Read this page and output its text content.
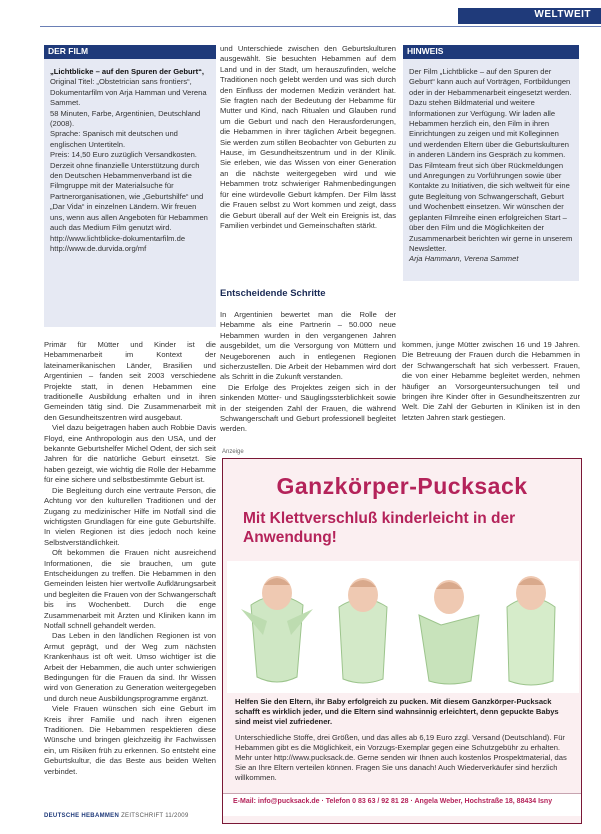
WELTWEIT
DER FILM

„Lichtblicke – auf den Spuren der Geburt“,

Original Titel: „Obstetrician sans frontiers“,

Dokumentarfilm von Arja Hamman und Verena Sammet.

58 Minuten, Farbe, Argentinien, Deutschland (2008).

Sprache: Spanisch mit deutschen und englischen Untertiteln.

Preis: 14,50 Euro zuzüglich Versandkosten.

Derzeit ohne finanzielle Unterstützung durch den Deutschen Hebammenverband ist die Filmgruppe mit der Materialsuche für Partnerorganisationen, wie „Geburtshilfe“ und „Dar Vida“ in einzelnen Ländern. Wir freuen uns, wenn aus allen Angeboten für Hebammen auch das Medium Film genutzt wird.

http://www.lichtblicke-dokumentarfilm.de

http://www.de.durvida.org/mf

und Unterschiede zwischen den Geburtskulturen ausgewählt. Sie besuchten Hebammen auf dem Land und in der Stadt, um herauszufinden, welche Traditionen noch gelebt werden und was sich durch den Einfluss der modernen Medizin verändert hat. Sie fragten nach der Bedeutung der Hebamme für Mutter und Kind, nach Ritualen und Glauben rund um die Geburt und nach den Herausforderungen, die Hebammen in ihrer täglichen Arbeit begegnen. Sie werden zum stillen Beobachter von Geburten zu Hause, im Gesundheitszentrum und in der Klinik. Sie erleben, wie das Wissen von einer Generation an die nächste weitergegeben wird und wie Hebammen trotz schwieriger Rahmenbedingungen für eine würdevolle Geburt kämpfen. Der Film lässt die Frauen selbst zu Wort kommen und zeigt, dass die Geburt überall auf der Welt ein Ereignis ist, das Familien verbindet und Gemeinschaften stärkt.

HINWEIS

Der Film „Lichtblicke – auf den Spuren der Geburt“ kann auch auf Vorträgen, Fortbildungen oder in der Hebammenarbeit eingesetzt werden. Dazu stehen Bildmaterial und weitere Informationen zur Verfügung. Wir laden alle Hebammen herzlich ein, den Film in ihren Einrichtungen zu zeigen und mit Kolleginnen und werdenden Eltern über die Geburtskulturen in anderen Ländern ins Gespräch zu kommen. Das Filmteam freut sich über Rückmeldungen und Anregungen zu Vorführungen sowie über Kontakte zu Initiativen, die sich weltweit für eine gute Begleitung von Schwangerschaft, Geburt und Wochenbett einsetzen. Wir wünschen der geplanten Filmreihe einen erfolgreichen Start – über den Film und die Möglichkeiten der Zusammenarbeit berichten wir gerne in unserem Newsletter.

Arja Hammann, Verena Sammet

Entscheidende Schritte

In Argentinien bewertet man die Rolle der Hebamme als eine Partnerin – 50.000 neue Hebammen wurden in den vergangenen Jahren ausgebildet, um die Versorgung von Müttern und Neugeborenen auch in entlegenen Regionen sicherzustellen. Die Arbeit der Hebammen wird dort als Schritt in die Zukunft verstanden.

Die Erfolge des Projektes zeigen sich in der sinkenden Mütter- und Säuglingssterblichkeit sowie in der steigenden Zahl der Frauen, die während Schwangerschaft und Geburt professionell begleitet werden.

Primär für Mütter und Kinder ist die Hebammenarbeit im Kontext der lateinamerikanischen Länder, Brasilien und Argentinien – fanden seit 2003 verschiedene Projekte statt, in denen Hebammen eine traditionelle Ausbildung erhalten und in ihren Gemeinden tätig sind. Die Zusammenarbeit mit den Gesundheitszentren wird ausgebaut.

Viel dazu beigetragen haben auch Robbie Davis Floyd, eine Anthropologin aus den USA, und der bekannte Geburtshelfer Michel Odent, der sich seit Jahren für die natürliche Geburt einsetzt. Sie haben gezeigt, wie wichtig die Rolle der Hebamme für eine sichere und selbstbestimmte Geburt ist.

Die Begleitung durch eine vertraute Person, die Achtung vor den kulturellen Traditionen und der Zugang zu medizinischer Hilfe im Notfall sind die wichtigsten Grundlagen für eine gute Geburtshilfe. In vielen Regionen ist dies jedoch noch keine Selbstverständlichkeit.

Oft bekommen die Frauen nicht ausreichend Informationen, die sie brauchen, um gute Entscheidungen zu treffen. Die Hebammen in den Gemeinden leisten hier wertvolle Aufklärungsarbeit und begleiten die Frauen von der Schwangerschaft bis ins Wochenbett. Durch die enge Zusammenarbeit mit Ärzten und Kliniken kann im Notfall schnell gehandelt werden.

Das Leben in den ländlichen Regionen ist von Armut geprägt, und der Weg zum nächsten Krankenhaus ist oft weit. Umso wichtiger ist die Arbeit der Hebammen, die auch unter schwierigen Bedingungen für die Frauen da sind. Ihr Wissen wird von Generation zu Generation weitergegeben und durch neue Ausbildungsprogramme ergänzt.

Viele Frauen wünschen sich eine Geburt im Kreis ihrer Familie und nach ihren eigenen Traditionen. Die Hebammen respektieren diese Wünsche und bringen gleichzeitig ihr Fachwissen ein, um Risiken früh zu erkennen. So entsteht eine Geburtskultur, die das Beste aus beiden Welten verbindet.

kommen, junge Mütter zwischen 16 und 19 Jahren. Die Betreuung der Frauen durch die Hebammen in der Schwangerschaft hat sich verbessert. Frauen, die von einer Hebamme begleitet werden, nehmen häufiger an Vorsorgeuntersuchungen teil und bringen ihre Kinder öfter in Gesundheitszentren zur Welt. Die Zahl der Geburten in Kliniken ist in den letzten Jahren stark gestiegen.

Anzeige
Ganzkörper-Pucksack
Mit Klettverschluß kinderleicht in der Anwendung!
Helfen Sie den Eltern, ihr Baby erfolgreich zu pucken. Mit diesem Ganzkörper-Pucksack schafft es wirklich jeder, und die Eltern sind wahnsinnig erleichtert, denn gepuckte Babys sind meist viel zufriedener.
Unterschiedliche Stoffe, drei Größen, und das alles ab 6,19 Euro zzgl. Versand (Deutschland). Für Hebammen gibt es die Möglichkeit, ein Vorzugs-Exemplar gegen eine Schutzgebühr zu erhalten. Mehr unter http://www.pucksack.de. Gerne senden wir Ihnen auch kostenlos Prospektmaterial, das Sie an Ihre Eltern verteilen können. Fragen Sie uns danach! Auch Wiederverkäufer sind herzlich willkommen.
E-Mail: info@pucksack.de · Telefon 0 83 63 / 92 81 28 · Angela Weber, Hochstraße 18, 88434 Isny
DEUTSCHE HEBAMMEN ZEITSCHRIFT 11/2009
